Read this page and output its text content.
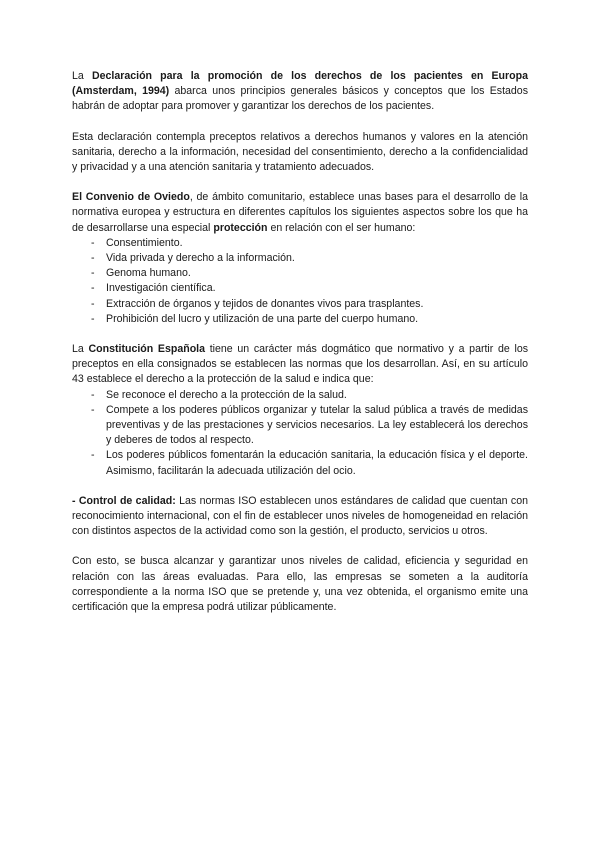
La Declaración para la promoción de los derechos de los pacientes en Europa (Amsterdam, 1994) abarca unos principios generales básicos y conceptos que los Estados habrán de adoptar para promover y garantizar los derechos de los pacientes.

Esta declaración contempla preceptos relativos a derechos humanos y valores en la atención sanitaria, derecho a la información, necesidad del consentimiento, derecho a la confidencialidad y privacidad y a una atención sanitaria y tratamiento adecuados.

El Convenio de Oviedo, de ámbito comunitario, establece unas bases para el desarrollo de la normativa europea y estructura en diferentes capítulos los siguientes aspectos sobre los que ha de desarrollarse una especial protección en relación con el ser humano:
- Consentimiento.
- Vida privada y derecho a la información.
- Genoma humano.
- Investigación científica.
- Extracción de órganos y tejidos de donantes vivos para trasplantes.
- Prohibición del lucro y utilización de una parte del cuerpo humano.
La Constitución Española tiene un carácter más dogmático que normativo y a partir de los preceptos en ella consignados se establecen las normas que los desarrollan. Así, en su artículo 43 establece el derecho a la protección de la salud e indica que:
- Se reconoce el derecho a la protección de la salud.
- Compete a los poderes públicos organizar y tutelar la salud pública a través de medidas preventivas y de las prestaciones y servicios necesarios. La ley establecerá los derechos y deberes de todos al respecto.
- Los poderes públicos fomentarán la educación sanitaria, la educación física y el deporte. Asimismo, facilitarán la adecuada utilización del ocio.

- Control de calidad: Las normas ISO establecen unos estándares de calidad que cuentan con reconocimiento internacional, con el fin de establecer unos niveles de homogeneidad en relación con distintos aspectos de la actividad como son la gestión, el producto, servicios u otros.

Con esto, se busca alcanzar y garantizar unos niveles de calidad, eficiencia y seguridad en relación con las áreas evaluadas. Para ello, las empresas se someten a la auditoría correspondiente a la norma ISO que se pretende y, una vez obtenida, el organismo emite una certificación que la empresa podrá utilizar públicamente.
